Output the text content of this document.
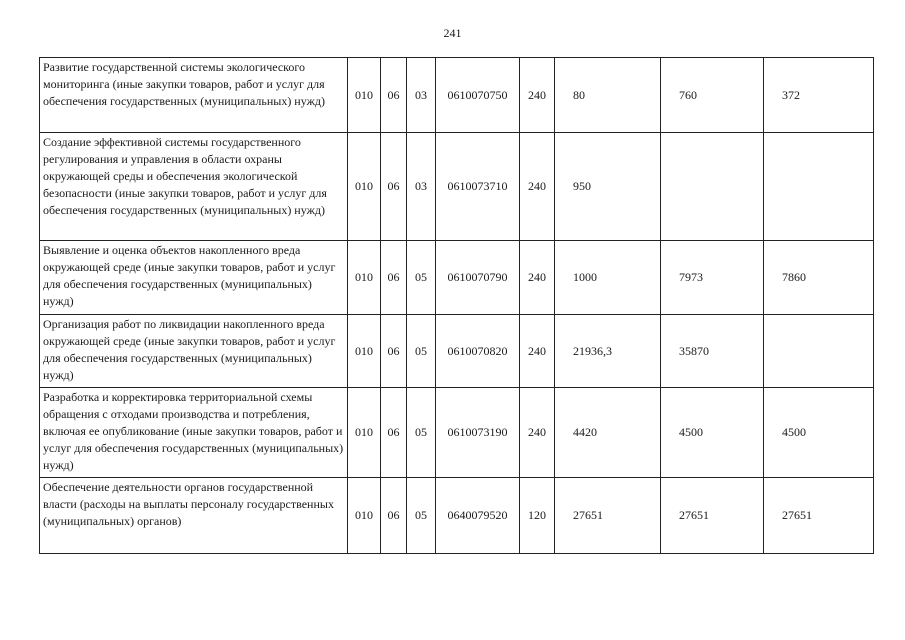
241
Развитие государственной системы экологического мониторинга (иные закупки товаров, работ и услуг для обеспечения государственных (муниципальных) нужд)	010	06	03	0610070750	240	80	760	372
Создание эффективной системы государственного регулирования и управления в области охраны окружающей среды и обеспечения экологической безопасности (иные закупки товаров, работ и услуг для обеспечения государственных (муниципальных) нужд)	010	06	03	0610073710	240	950		
Выявление и оценка объектов накопленного вреда окружающей среде (иные закупки товаров, работ и услуг для обеспечения государственных (муниципальных) нужд)	010	06	05	0610070790	240	1000	7973	7860
Организация работ по ликвидации накопленного вреда окружающей среде (иные закупки товаров, работ и услуг для обеспечения государственных (муниципальных) нужд)	010	06	05	0610070820	240	21936,3	35870	
Разработка и корректировка территориальной схемы обращения с отходами производства и потребления, включая ее опубликование (иные закупки товаров, работ и услуг для обеспечения государственных (муниципальных) нужд)	010	06	05	0610073190	240	4420	4500	4500
Обеспечение деятельности органов государственной власти (расходы на выплаты персоналу государственных (муниципальных) органов)	010	06	05	0640079520	120	27651	27651	27651
